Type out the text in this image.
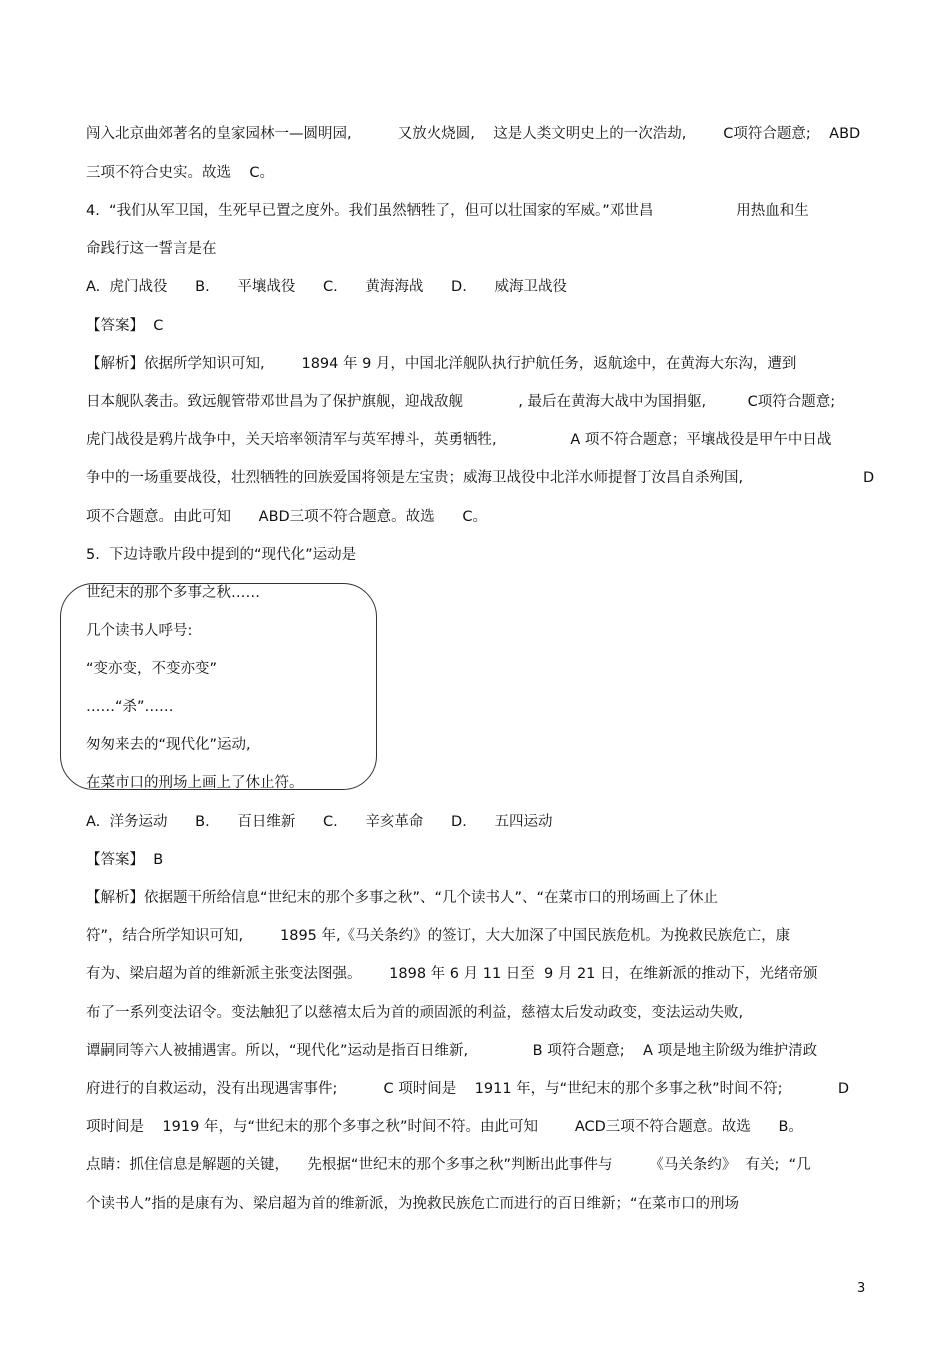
闯入北京曲郊著名的皇家园林一—圆明园,          又放火烧圆,    这是人类文明史上的一次浩劫,        C项符合题意;    ABD
三项不符合史实。故选    C。
4.  “我们从军卫国，生死早已置之度外。我们虽然牺牲了，但可以壮国家的军威。”邓世昌                  用热血和生
命践行这一誓言是在
A.  虎门战役      B.      平壤战役      C.      黄海海战      D.      威海卫战役
【答案】  C
【解析】依据所学知识可知,        1894 年 9 月，中国北洋舰队执行护航任务，返航途中，在黄海大东沟，遭到
日本舰队袭击。致远舰管带邓世昌为了保护旗舰，迎战敌舰            , 最后在黄海大战中为国捐躯,         C项符合题意;
虎门战役是鸦片战争中，关天培率领清军与英军搏斗，英勇牺牲,                A 项不符合题意；平壤战役是甲午中日战
争中的一场重要战役，壮烈牺牲的回族爱国将领是左宝贵；威海卫战役中北洋水师提督丁汝昌自杀殉国,                          D
项不合题意。由此可知      ABD三项不符合题意。故选      C。
5.  下边诗歌片段中提到的“现代化”运动是
世纪末的那个多事之秋……
几个读书人呼号:
“变亦变，不变亦变”
……“杀”……
匆匆来去的“现代化”运动,
在菜市口的刑场上画上了休止符。
A.  洋务运动      B.      百日维新      C.      辛亥革命      D.      五四运动
【答案】  B
【解析】依据题干所给信息“世纪末的那个多事之秋”、“几个读书人”、“在菜市口的刑场画上了休止
符”，结合所学知识可知,        1895 年,《马关条约》的签订，大大加深了中国民族危机。为挽救民族危亡，康
有为、梁启超为首的维新派主张变法图强。      1898 年 6 月 11 日至  9 月 21 日，在维新派的推动下，光绪帝颁
布了一系列变法诏令。变法触犯了以慈禧太后为首的顽固派的利益，慈禧太后发动政变，变法运动失败,
谭嗣同等六人被捕遇害。所以，“现代化”运动是指百日维新,              B 项符合题意;    A 项是地主阶级为维护清政
府进行的自救运动，没有出现遇害事件;          C 项时间是    1911 年，与“世纪末的那个多事之秋”时间不符;            D
项时间是    1919 年，与“世纪末的那个多事之秋”时间不符。由此可知        ACD三项不符合题意。故选      B。
点睛：抓住信息是解题的关键，    先根据“世纪末的那个多事之秋”判断出此事件与        《马关条约》  有关;  “几
个读书人”指的是康有为、梁启超为首的维新派，为挽救民族危亡而进行的百日维新；“在菜市口的刑场
3
